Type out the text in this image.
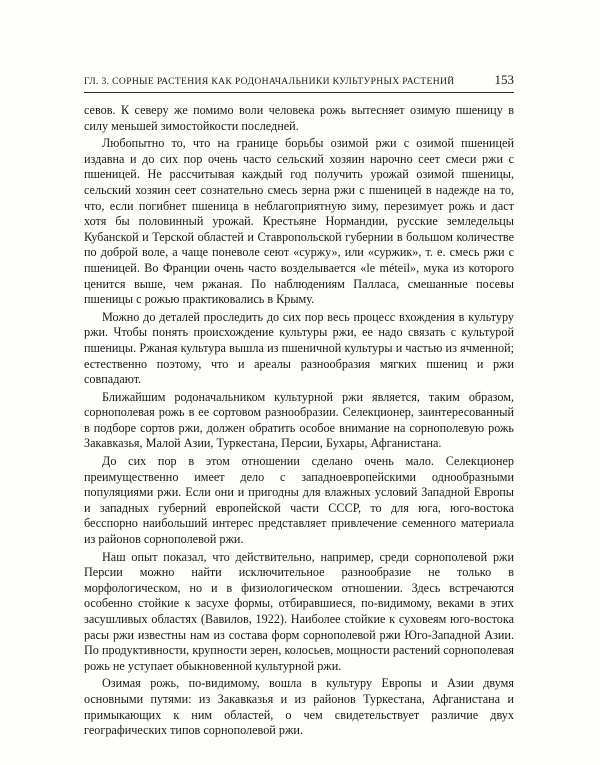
ГЛ. 3. СОРНЫЕ РАСТЕНИЯ КАК РОДОНАЧАЛЬНИКИ КУЛЬТУРНЫХ РАСТЕНИЙ	153

севов. К северу же помимо воли человека рожь вытесняет озимую пшеницу в силу меньшей зимостойкости последней.

Любопытно то, что на границе борьбы озимой ржи с озимой пшеницей издавна и до сих пор очень часто сельский хозяин нарочно сеет смеси ржи с пшеницей. Не рассчитывая каждый год получить урожай озимой пшеницы, сельский хозяин сеет сознательно смесь зерна ржи с пшеницей в надежде на то, что, если погибнет пшеница в неблагоприятную зиму, перезимует рожь и даст хотя бы половинный урожай. Крестьяне Нормандии, русские земледельцы Кубанской и Терской областей и Ставропольской губернии в большом количестве по доброй воле, а чаще поневоле сеют «суржу», или «суржик», т. е. смесь ржи с пшеницей. Во Франции очень часто возделывается «le méteil», мука из которого ценится выше, чем ржаная. По наблюдениям Палласа, смешанные посевы пшеницы с рожью практиковались в Крыму.

Можно до деталей проследить до сих пор весь процесс вхождения в культуру ржи. Чтобы понять происхождение культуры ржи, ее надо связать с культурой пшеницы. Ржаная культура вышла из пшеничной культуры и частью из ячменной; естественно поэтому, что и ареалы разнообразия мягких пшениц и ржи совпадают.

Ближайшим родоначальником культурной ржи является, таким образом, сорнополевая рожь в ее сортовом разнообразии. Селекционер, заинтересованный в подборе сортов ржи, должен обратить особое внимание на сорнополевую рожь Закавказья, Малой Азии, Туркестана, Персии, Бухары, Афганистана.

До сих пор в этом отношении сделано очень мало. Селекционер преимущественно имеет дело с западноевропейскими однообразными популяциями ржи. Если они и пригодны для влажных условий Западной Европы и западных губерний европейской части СССР, то для юга, юго-востока бесспорно наибольший интерес представляет привлечение семенного материала из районов сорнополевой ржи.

Наш опыт показал, что действительно, например, среди сорнополевой ржи Персии можно найти исключительное разнообразие не только в морфологическом, но и в физиологическом отношении. Здесь встречаются особенно стойкие к засухе формы, отбиравшиеся, по-видимому, веками в этих засушливых областях (Вавилов, 1922). Наиболее стойкие к суховеям юго-востока расы ржи известны нам из состава форм сорнополевой ржи Юго-Западной Азии. По продуктивности, крупности зерен, колосьев, мощности растений сорнополевая рожь не уступает обыкновенной культурной ржи.

Озимая рожь, по-видимому, вошла в культуру Европы и Азии двумя основными путями: из Закавказья и из районов Туркестана, Афганистана и примыкающих к ним областей, о чем свидетельствует различие двух географических типов сорнополевой ржи.
